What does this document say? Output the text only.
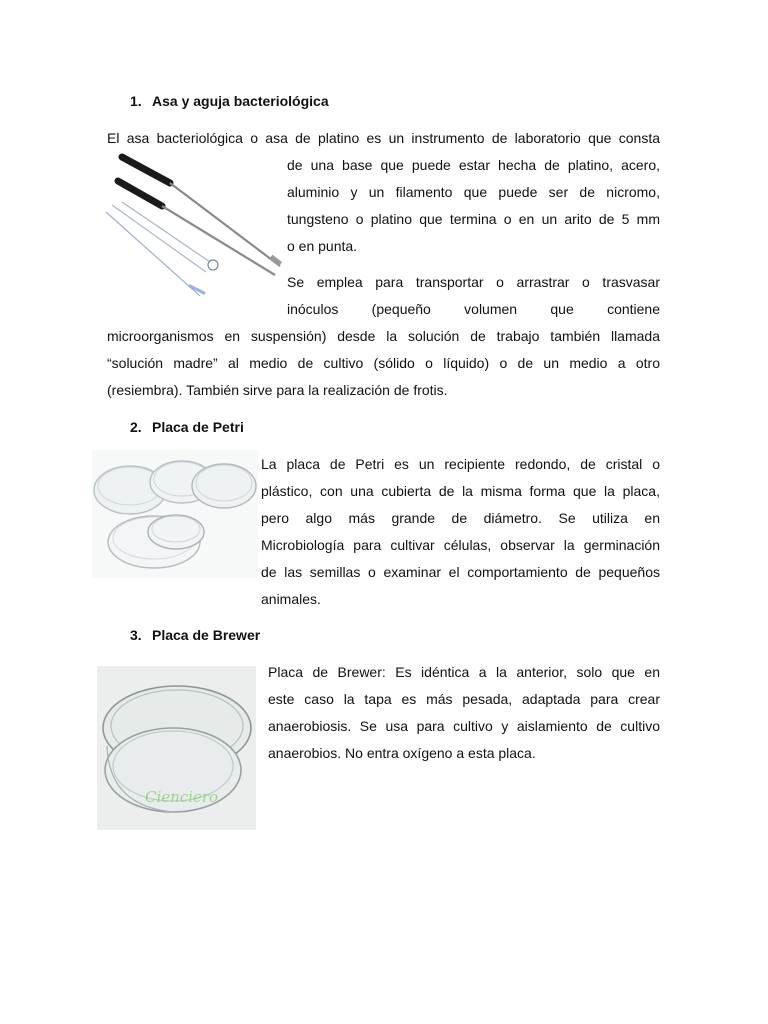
1. Asa y aguja bacteriológica
El asa bacteriológica o asa de platino es un instrumento de laboratorio que consta
de una base que puede estar hecha de platino, acero,
aluminio y un filamento que puede ser de nicromo,
tungsteno o platino que termina o en un arito de 5 mm
o en punta.
Se emplea para transportar o arrastrar o trasvasar
inóculos (pequeño volumen que contiene
microorganismos en suspensión) desde la solución de trabajo también llamada
“solución madre” al medio de cultivo (sólido o líquido) o de un medio a otro
(resiembra). También sirve para la realización de frotis.
2. Placa de Petri
La placa de Petri es un recipiente redondo, de cristal o
plástico, con una cubierta de la misma forma que la placa,
pero algo más grande de diámetro. Se utiliza en
Microbiología para cultivar células, observar la germinación
de las semillas o examinar el comportamiento de pequeños
animales.
3. Placa de Brewer
Cienciero
Placa de Brewer: Es idéntica a la anterior, solo que en
este caso la tapa es más pesada, adaptada para crear
anaerobiosis. Se usa para cultivo y aislamiento de cultivo
anaerobios. No entra oxígeno a esta placa.
